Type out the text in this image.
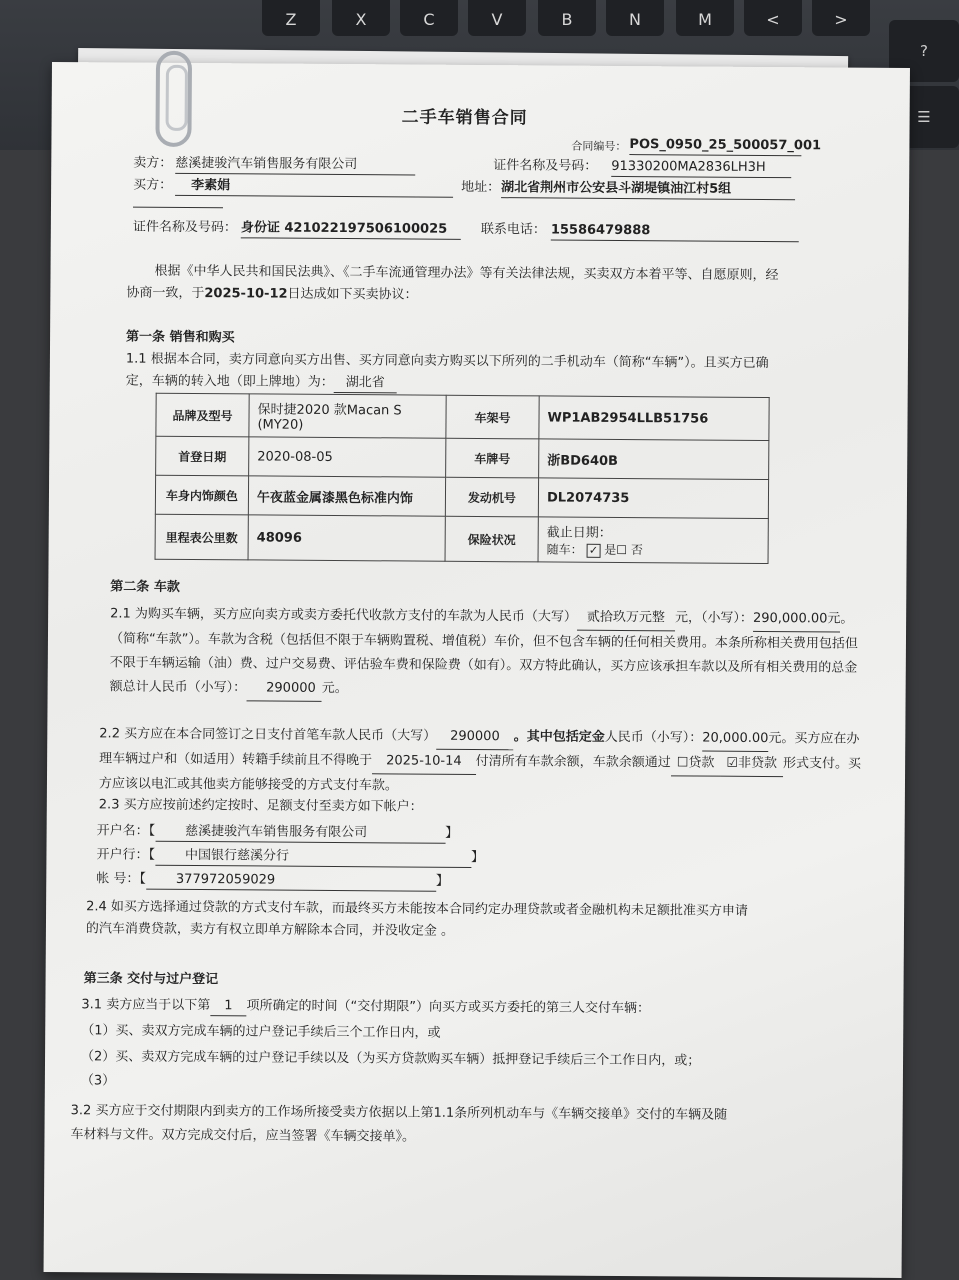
Z	X	C	V	B	N	M	<	>
?
☰
二手车销售合同
合同编号： POS_0950_25_500057_001
卖方： 慈溪捷骏汽车销售服务有限公司	证件名称及号码： 91330200MA2836LH3H
买方：	李素娟	地址： 湖北省荆州市公安县斗湖堤镇油江村5组
证件名称及号码： 身份证 421022197506100025	联系电话： 15586479888
根据《中华人民共和国民法典》、《二手车流通管理办法》等有关法律法规，买卖双方本着平等、自愿原则，经
协商一致，于2025-10-12日达成如下买卖协议：
第一条 销售和购买
1.1 根据本合同，卖方同意向买方出售、买方同意向卖方购买以下所列的二手机动车（简称“车辆”）。且买方已确
定，车辆的转入地（即上牌地）为： 湖北省
品牌及型号	保时捷2020 款Macan S (MY20)	车架号	WP1AB2954LLB51756
首登日期	2020-08-05	车牌号	浙BD640B
车身内饰颜色	午夜蓝金属漆黑色标准内饰	发动机号	DL2074735
里程表公里数	48096	保险状况	截止日期：
随车： ✓ 是☐ 否
第二条 车款
2.1 为购买车辆，买方应向卖方或卖方委托代收款方支付的车款为人民币（大写） 贰拾玖万元整 元，（小写）：290,000.00元。（简称“车款”）。车款为含税（包括但不限于车辆购置税、增值税）车价，但不包含车辆的任何相关费用。本条所称相关费用包括但不限于车辆运输（油）费、过户交易费、评估验车费和保险费（如有）。双方特此确认，买方应该承担车款以及所有相关费用的总金额总计人民币（小写）： 290000 元。
2.2 买方应在本合同签订之日支付首笔车款人民币（大写） 290000 。其中包括定金人民币（小写）：20,000.00元。买方应在办理车辆过户和（如适用）转籍手续前且不得晚于 2025-10-14 付清所有车款余额，车款余额通过 ☐贷款 ☑非贷款 形式支付。买方应该以电汇或其他卖方能够接受的方式支付车款。
2.3 买方应按前述约定按时、足额支付至卖方如下帐户：
开户名：【 慈溪捷骏汽车销售服务有限公司	】
开户行：【 中国银行慈溪分行	】
帐 号：【 377972059029	】
2.4 如买方选择通过贷款的方式支付车款，而最终买方未能按本合同约定办理贷款或者金融机构未足额批准买方申请
的汽车消费贷款，卖方有权立即单方解除本合同，并没收定金 。
第三条 交付与过户登记
3.1 卖方应当于以下第 1 项所确定的时间（“交付期限”）向买方或买方委托的第三人交付车辆：
（1）买、卖双方完成车辆的过户登记手续后三个工作日内，或
（2）买、卖双方完成车辆的过户登记手续以及（为买方贷款购买车辆）抵押登记手续后三个工作日内，或；
（3）
3.2 买方应于交付期限内到卖方的工作场所接受卖方依据以上第1.1条所列机动车与《车辆交接单》交付的车辆及随
车材料与文件。双方完成交付后，应当签署《车辆交接单》。
